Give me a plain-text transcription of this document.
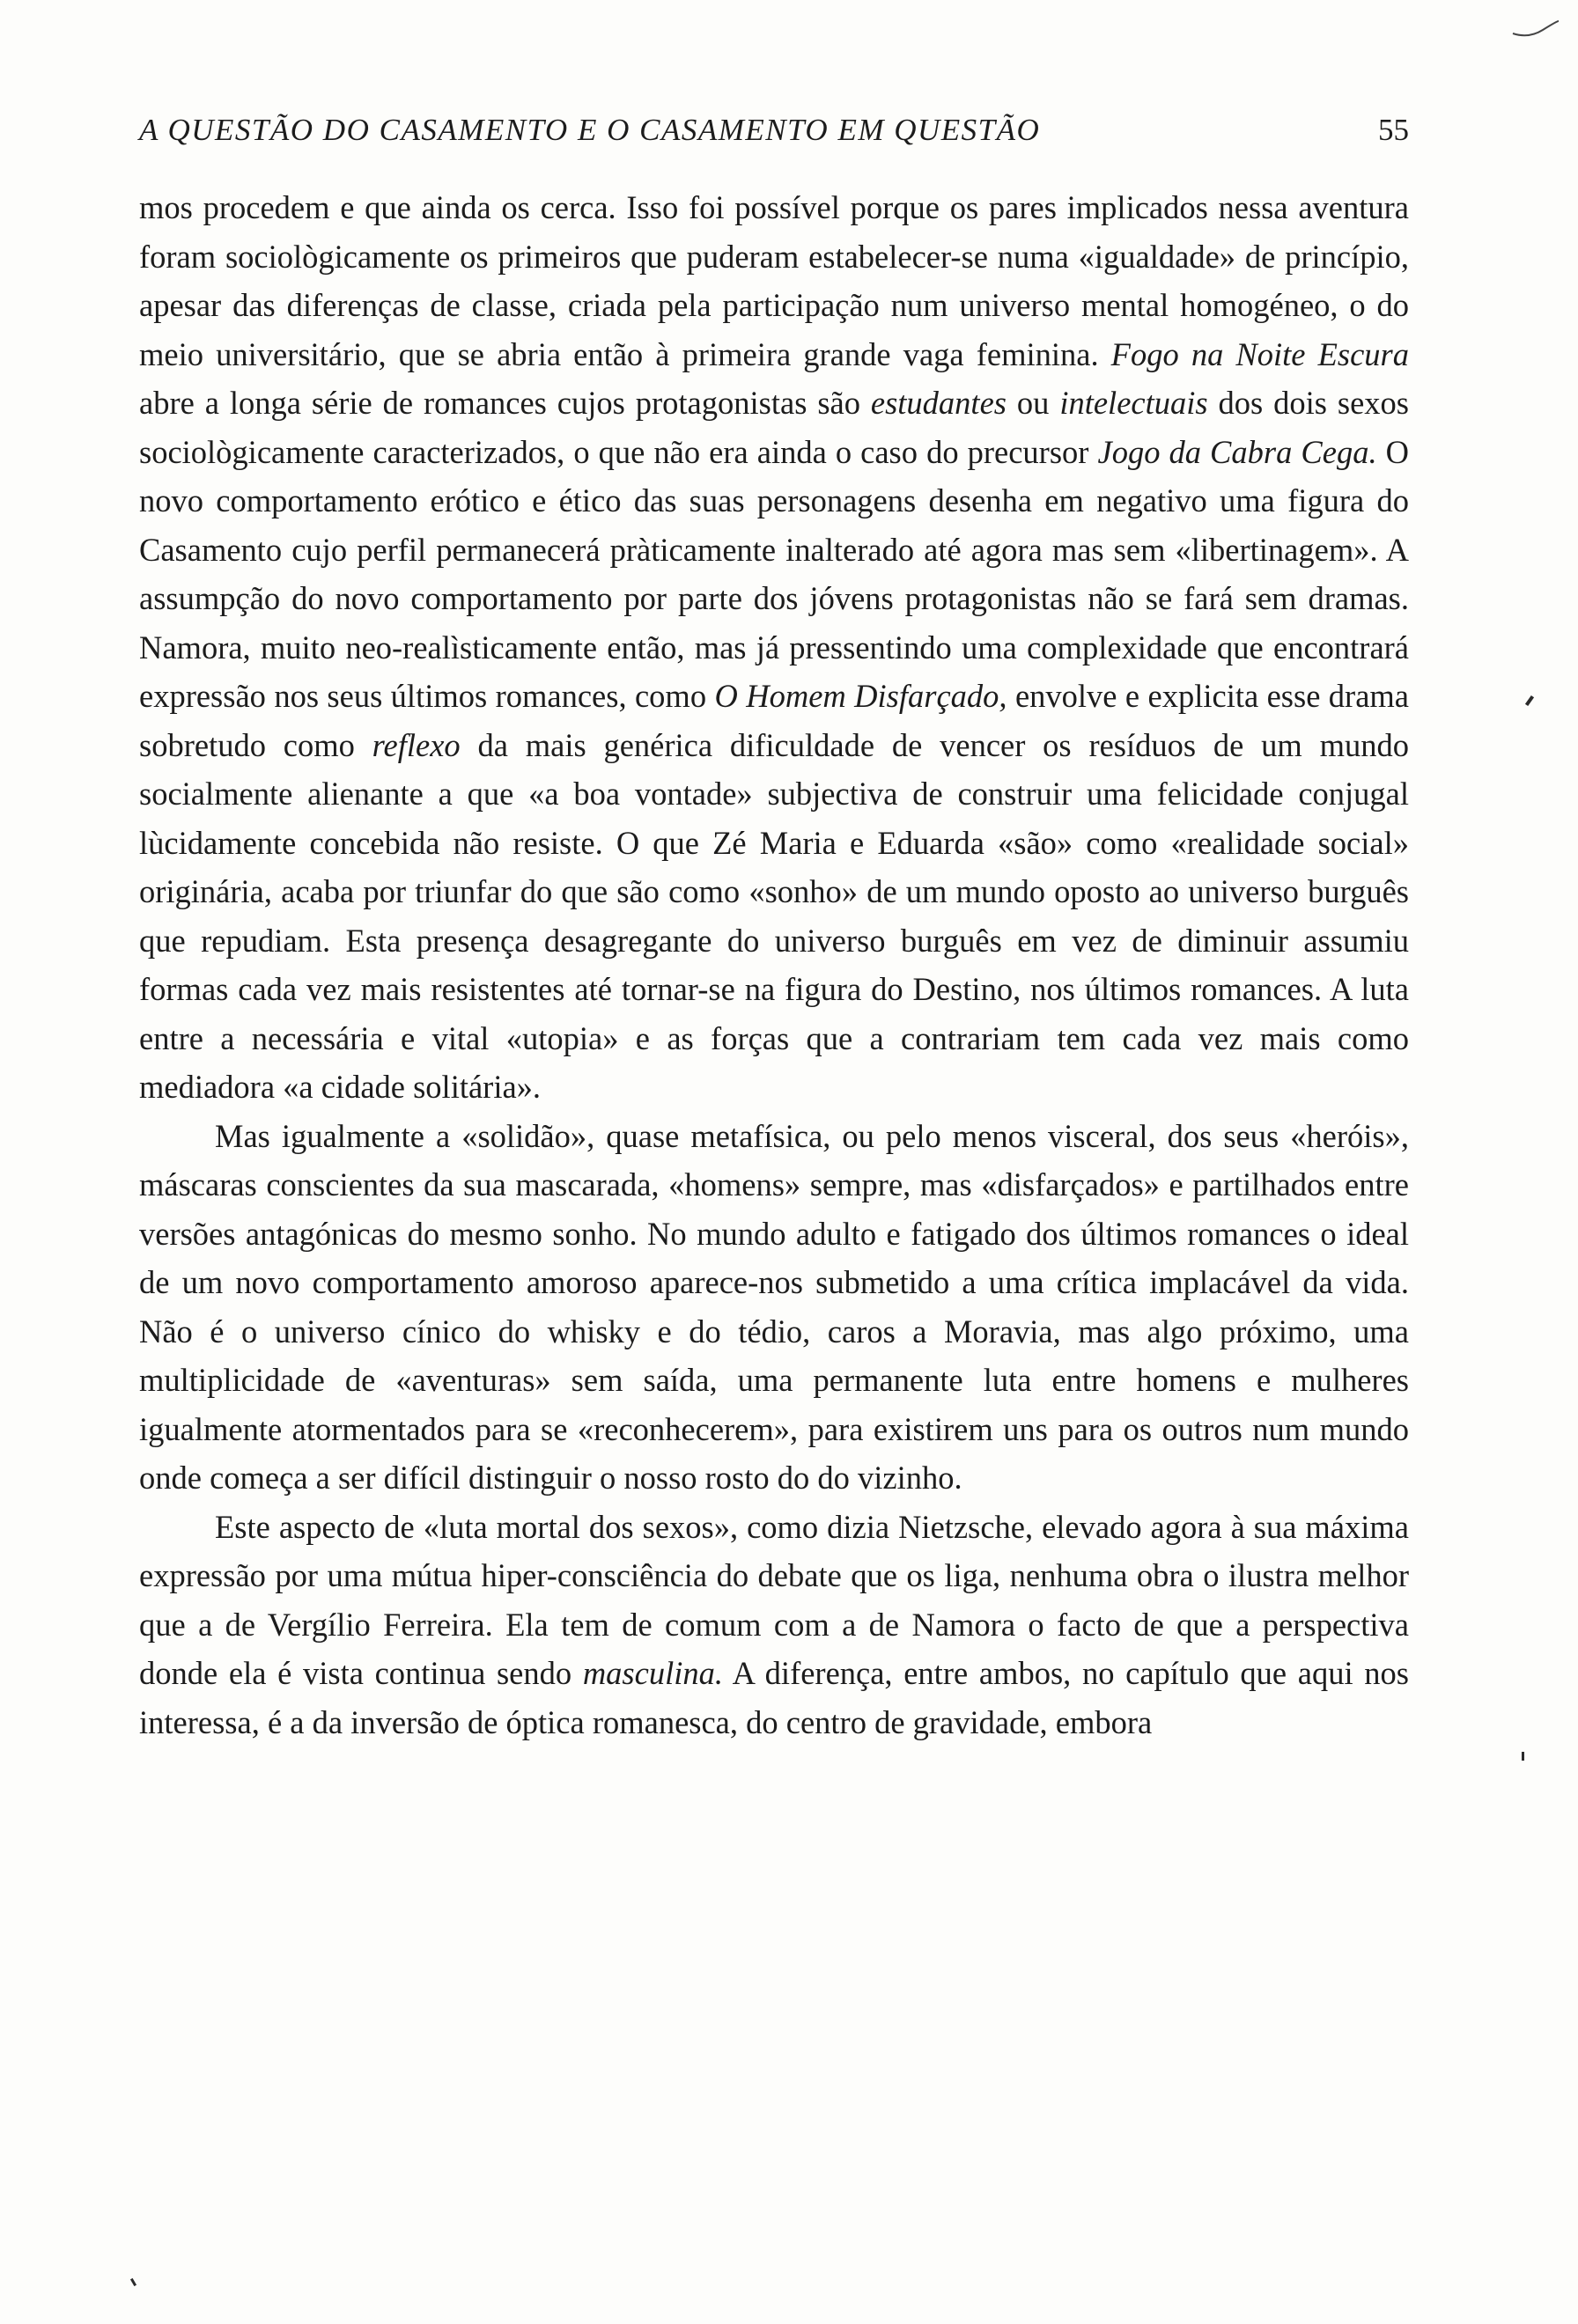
A QUESTÃO DO CASAMENTO E O CASAMENTO EM QUESTÃO	55

mos procedem e que ainda os cerca. Isso foi possível porque os pares implicados nessa aventura foram sociològicamente os primeiros que puderam estabelecer-se numa «igualdade» de princípio, apesar das diferenças de classe, criada pela participação num universo mental homogéneo, o do meio universitário, que se abria então à primeira grande vaga feminina. Fogo na Noite Escura abre a longa série de romances cujos protagonistas são estudantes ou intelectuais dos dois sexos sociològicamente caracterizados, o que não era ainda o caso do precursor Jogo da Cabra Cega. O novo comportamento erótico e ético das suas personagens desenha em negativo uma figura do Casamento cujo perfil permanecerá pràticamente inalterado até agora mas sem «libertinagem». A assumpção do novo comportamento por parte dos jóvens protagonistas não se fará sem dramas. Namora, muito neo-realìsticamente então, mas já pressentindo uma complexidade que encontrará expressão nos seus últimos romances, como O Homem Disfarçado, envolve e explicita esse drama sobretudo como reflexo da mais genérica dificuldade de vencer os resíduos de um mundo socialmente alienante a que «a boa vontade» subjectiva de construir uma felicidade conjugal lùcidamente concebida não resiste. O que Zé Maria e Eduarda «são» como «realidade social» originária, acaba por triunfar do que são como «sonho» de um mundo oposto ao universo burguês que repudiam. Esta presença desagregante do universo burguês em vez de diminuir assumiu formas cada vez mais resistentes até tornar-se na figura do Destino, nos últimos romances. A luta entre a necessária e vital «utopia» e as forças que a contrariam tem cada vez mais como mediadora «a cidade solitária».

Mas igualmente a «solidão», quase metafísica, ou pelo menos visceral, dos seus «heróis», máscaras conscientes da sua mascarada, «homens» sempre, mas «disfarçados» e partilhados entre versões antagónicas do mesmo sonho. No mundo adulto e fatigado dos últimos romances o ideal de um novo comportamento amoroso aparece-nos submetido a uma crítica implacável da vida. Não é o universo cínico do whisky e do tédio, caros a Moravia, mas algo próximo, uma multiplicidade de «aventuras» sem saída, uma permanente luta entre homens e mulheres igualmente atormentados para se «reconhecerem», para existirem uns para os outros num mundo onde começa a ser difícil distinguir o nosso rosto do do vizinho.

Este aspecto de «luta mortal dos sexos», como dizia Nietzsche, elevado agora à sua máxima expressão por uma mútua hiper-consciência do debate que os liga, nenhuma obra o ilustra melhor que a de Vergílio Ferreira. Ela tem de comum com a de Namora o facto de que a perspectiva donde ela é vista continua sendo masculina. A diferença, entre ambos, no capítulo que aqui nos interessa, é a da inversão de óptica romanesca, do centro de gravidade, embora
